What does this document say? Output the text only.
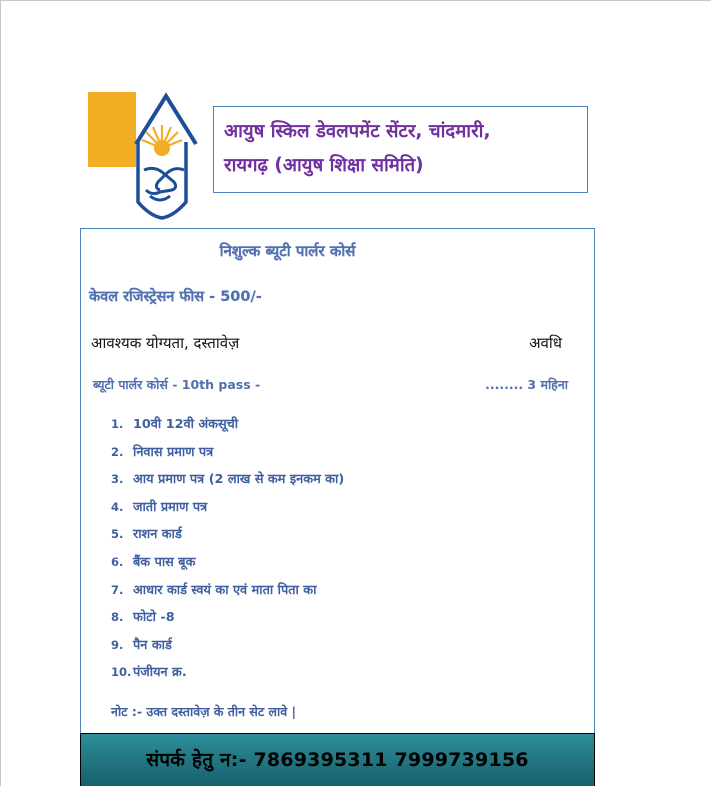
आयुष स्किल डेवलपमेंट सेंटर, चांदमारी,
रायगढ़ (आयुष शिक्षा समिति)
निशुल्क ब्यूटी पार्लर कोर्स
केवल रजिस्ट्रेसन फीस - 500/-
आवश्यक योग्यता, दस्तावेज़	अवधि
ब्यूटी पार्लर कोर्स - 10th pass -	........ 3 महिना
1. 10वी 12वी अंकसूची
2. निवास प्रमाण पत्र
3. आय प्रमाण पत्र (2 लाख से कम इनकम का)
4. जाती प्रमाण पत्र
5. राशन कार्ड
6. बैंक पास बूक
7. आधार कार्ड स्वयं का एवं माता पिता का
8. फोटो -8
9. पैन कार्ड
10. पंजीयन क्र.
नोट :- उक्त दस्तावेज़ के तीन सेट लावे |
संपर्क हेतु न:- 7869395311 7999739156
